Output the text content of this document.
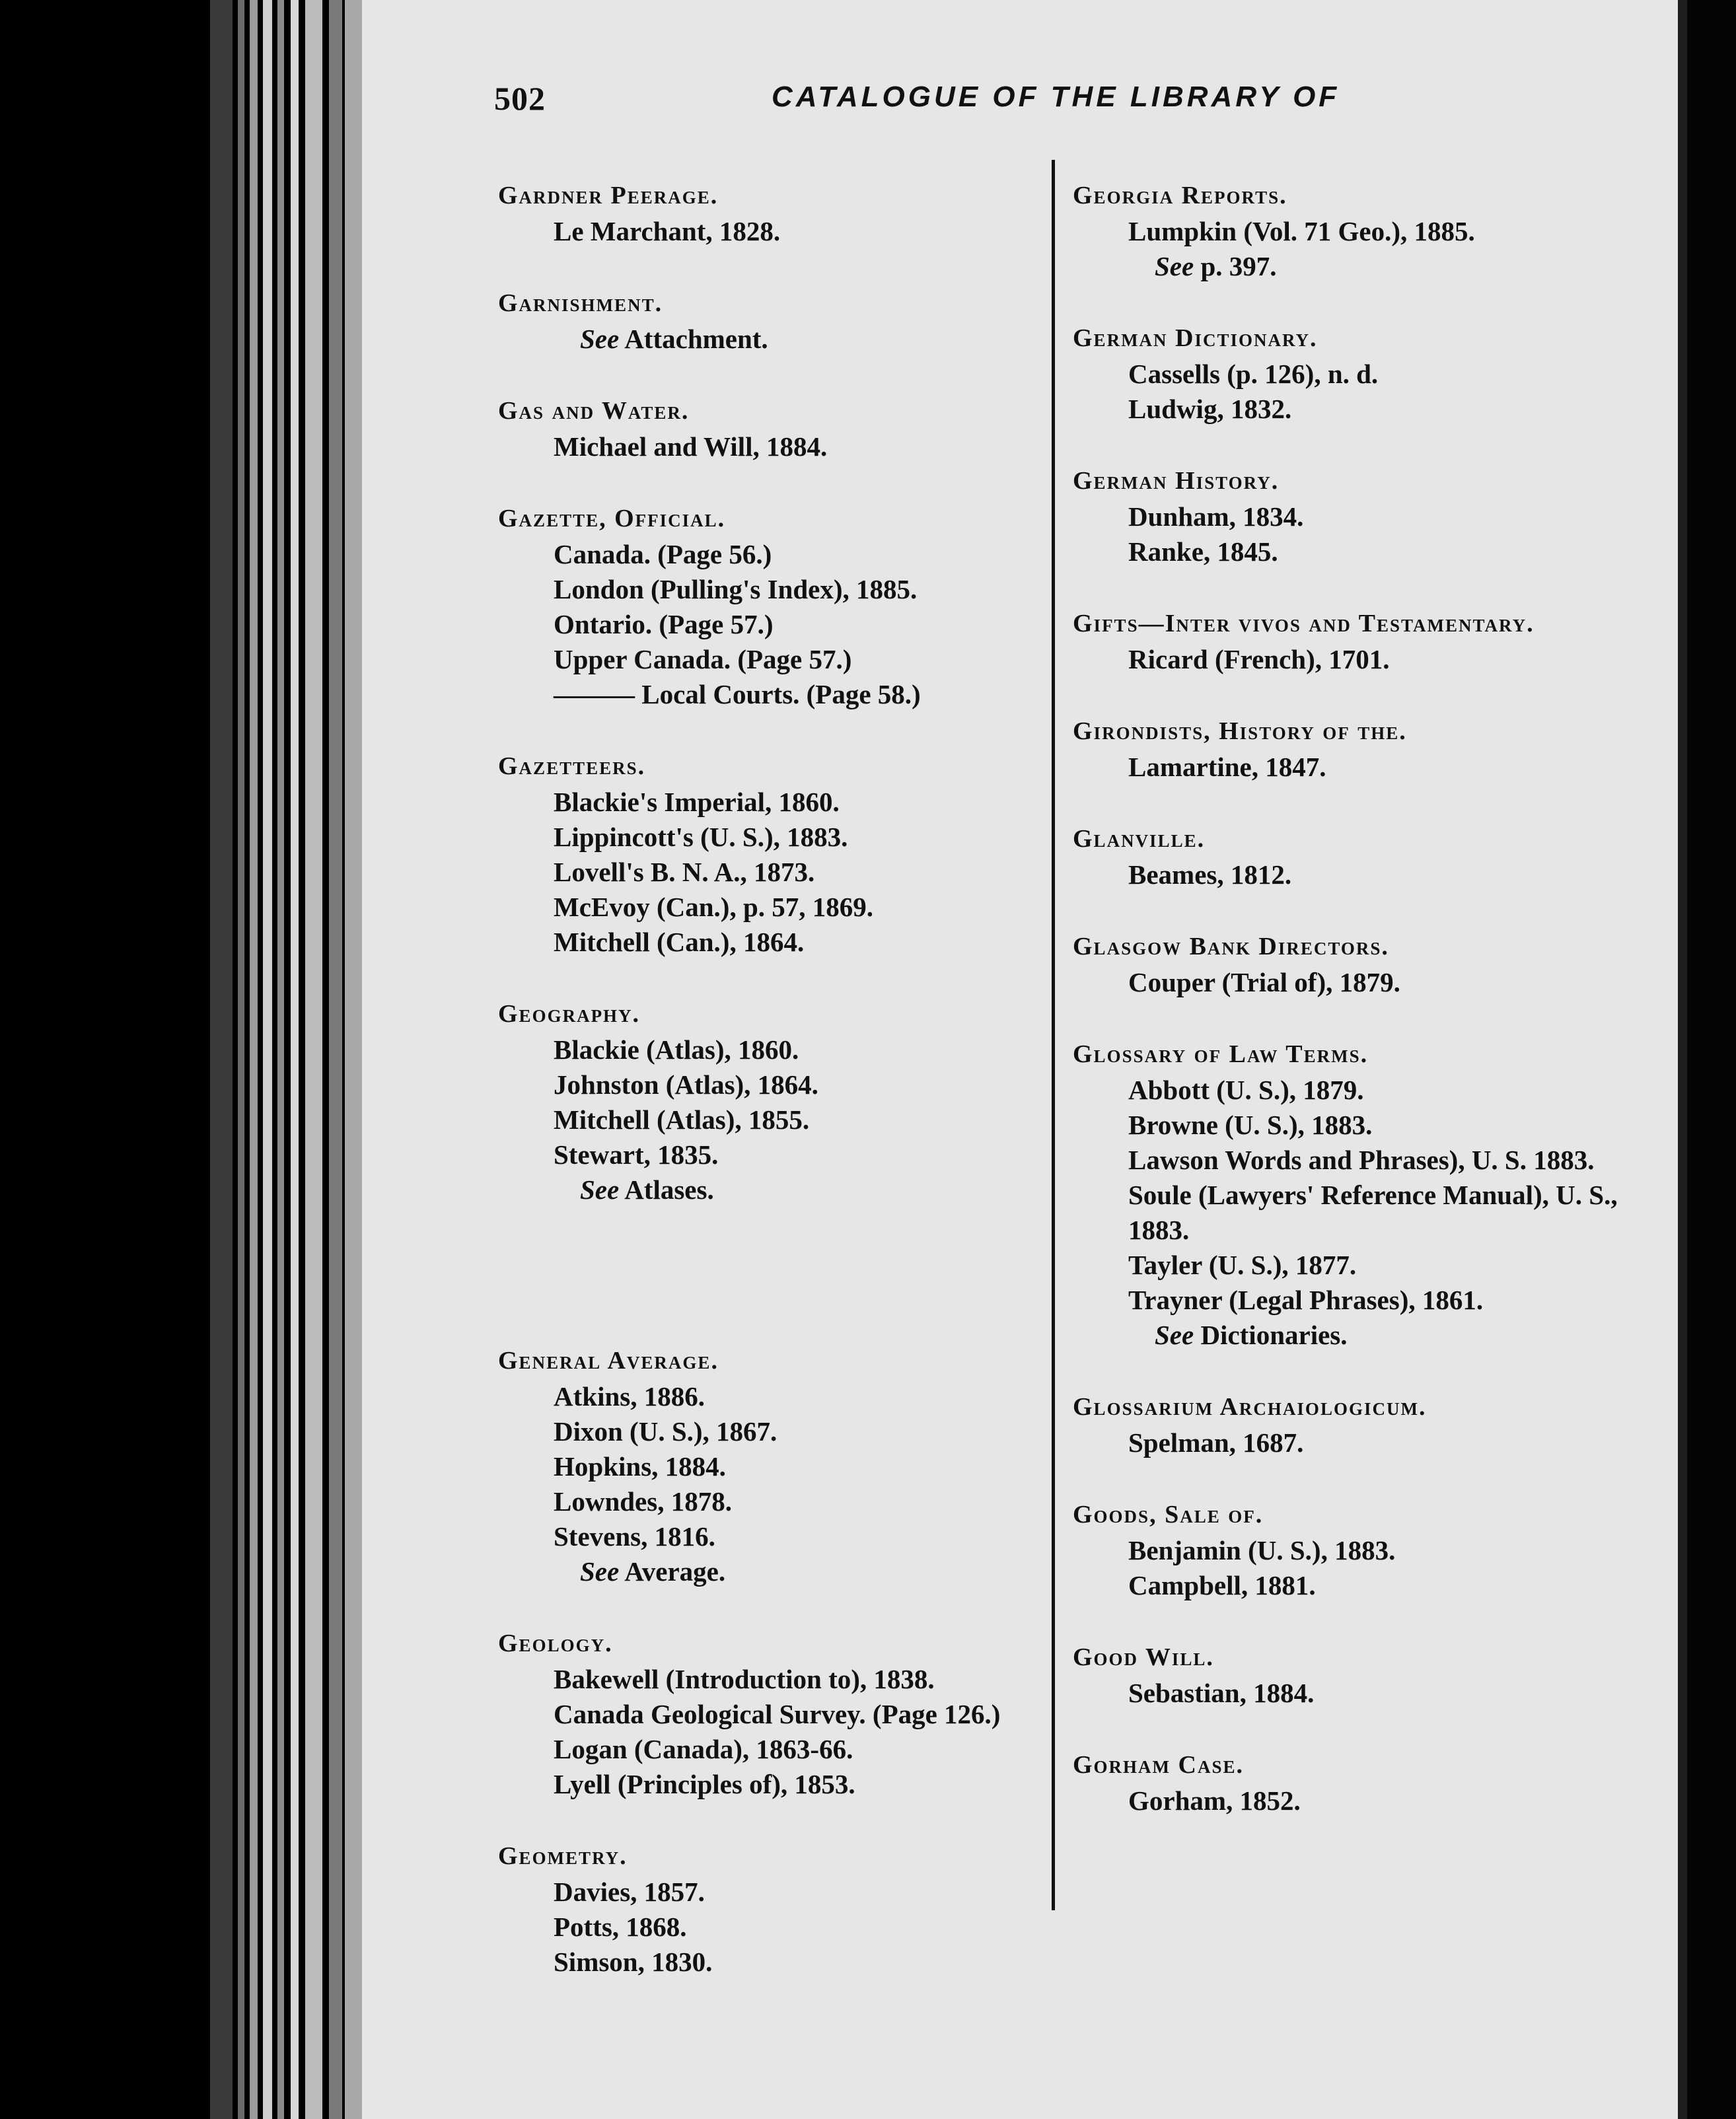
502	CATALOGUE OF THE LIBRARY OF
Gardner Peerage.
Le Marchant, 1828.
Garnishment.
See Attachment.
Gas and Water.
Michael and Will, 1884.
Gazette, Official.
Canada. (Page 56.)
London (Pulling's Index), 1885.
Ontario. (Page 57.)
Upper Canada. (Page 57.)
——— Local Courts. (Page 58.)
Gazetteers.
Blackie's Imperial, 1860.
Lippincott's (U. S.), 1883.
Lovell's B. N. A., 1873.
McEvoy (Can.), p. 57, 1869.
Mitchell (Can.), 1864.
Geography.
Blackie (Atlas), 1860.
Johnston (Atlas), 1864.
Mitchell (Atlas), 1855.
Stewart, 1835.
See Atlases.
General Average.
Atkins, 1886.
Dixon (U. S.), 1867.
Hopkins, 1884.
Lowndes, 1878.
Stevens, 1816.
See Average.
Geology.
Bakewell (Introduction to), 1838.
Canada Geological Survey. (Page 126.)
Logan (Canada), 1863-66.
Lyell (Principles of), 1853.
Geometry.
Davies, 1857.
Potts, 1868.
Simson, 1830.
Georgia Reports.
Lumpkin (Vol. 71 Geo.), 1885.
See p. 397.
German Dictionary.
Cassells (p. 126), n. d.
Ludwig, 1832.
German History.
Dunham, 1834.
Ranke, 1845.
Gifts—Inter vivos and Testamentary.
Ricard (French), 1701.
Girondists, History of the.
Lamartine, 1847.
Glanville.
Beames, 1812.
Glasgow Bank Directors.
Couper (Trial of), 1879.
Glossary of Law Terms.
Abbott (U. S.), 1879.
Browne (U. S.), 1883.
Lawson Words and Phrases), U. S. 1883.
Soule (Lawyers' Reference Manual), U. S., 1883.
Tayler (U. S.), 1877.
Trayner (Legal Phrases), 1861.
See Dictionaries.
Glossarium Archaiologicum.
Spelman, 1687.
Goods, Sale of.
Benjamin (U. S.), 1883.
Campbell, 1881.
Good Will.
Sebastian, 1884.
Gorham Case.
Gorham, 1852.
